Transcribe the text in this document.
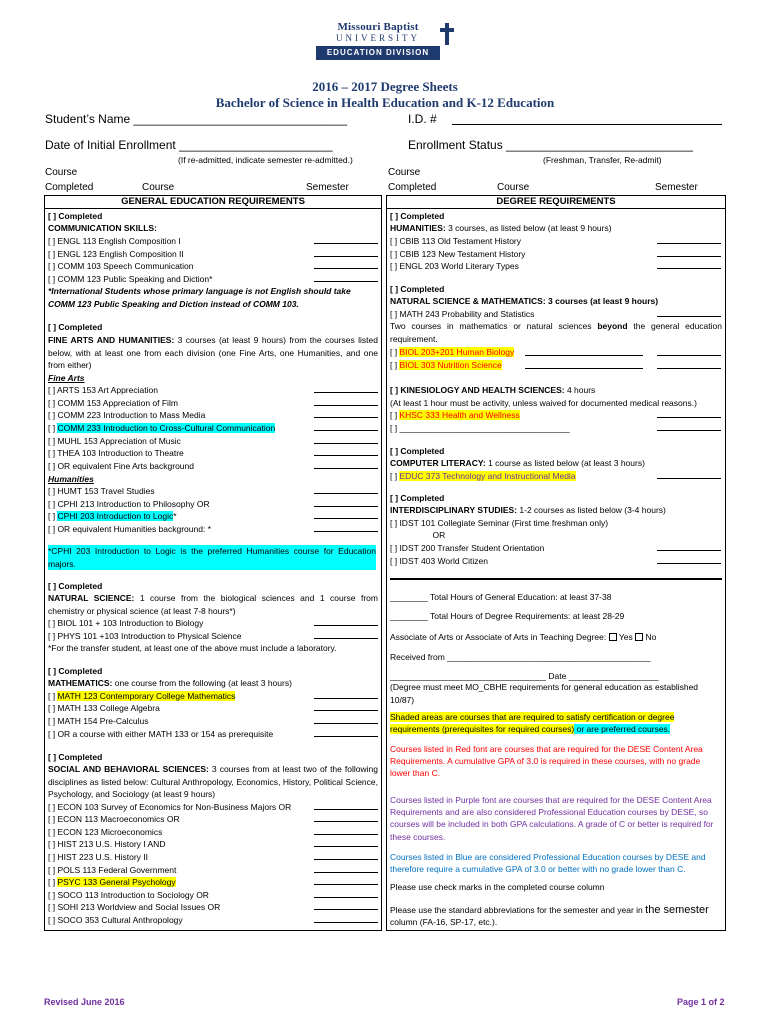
Missouri Baptist
UNIVERSITY
EDUCATION DIVISION
2016 – 2017 Degree Sheets
Bachelor of Science in Health Education and K-12 Education
Student’s Name ________________________________	I.D. #
Date of Initial Enrollment _______________________	Enrollment Status ____________________________
(If re-admitted, indicate semester re-admitted.)	(Freshman, Transfer, Re-admit)
Course
Completed	Course	Semester
Course
Completed	Course	Semester
GENERAL EDUCATION REQUIREMENTS
[ ] Completed
COMMUNICATION SKILLS:
[ ] ENGL 113 English Composition I
[ ] ENGL 123 English Composition II
[ ] COMM 103 Speech Communication
[ ] COMM 123 Public Speaking and Diction*
*International Students whose primary language is not English should take
COMM 123 Public Speaking and Diction instead of COMM 103.
[ ] Completed
FINE ARTS AND HUMANITIES: 3 courses (at least 9 hours) from the courses listed below, with at least one from each division (one Fine Arts, one Humanities, and one from either)
Fine Arts
[ ] ARTS 153 Art Appreciation
[ ] COMM 153 Appreciation of Film
[ ] COMM 223 Introduction to Mass Media
[ ] COMM 233 Introduction to Cross-Cultural Communication
[ ] MUHL 153 Appreciation of Music
[ ] THEA 103 Introduction to Theatre
[ ] OR equivalent Fine Arts background
Humanities
[ ] HUMT 153 Travel Studies
[ ] CPHI 213 Introduction to Philosophy OR
[ ] CPHI 203 Introduction to Logic*
[ ] OR equivalent Humanities background: *
*CPHI 203 Introduction to Logic is the preferred Humanities course for Education majors.
[ ] Completed
NATURAL SCIENCE: 1 course from the biological sciences and 1 course from chemistry or physical science (at least 7-8 hours*)
[ ] BIOL 101 + 103 Introduction to Biology
[ ] PHYS 101 +103 Introduction to Physical Science
*For the transfer student, at least one of the above must include a laboratory.
[ ] Completed
MATHEMATICS: one course from the following (at least 3 hours)
[ ] MATH 123 Contemporary College Mathematics
[ ] MATH 133 College Algebra
[ ] MATH 154 Pre-Calculus
[ ] OR a course with either MATH 133 or 154 as prerequisite
[ ] Completed
SOCIAL AND BEHAVIORAL SCIENCES: 3 courses from at least two of the following disciplines as listed below: Cultural Anthropology, Economics, History, Political Science, Psychology, and Sociology (at least 9 hours)
[ ] ECON 103 Survey of Economics for Non-Business Majors OR
[ ] ECON 113 Macroeconomics OR
[ ] ECON 123 Microeconomics
[ ] HIST 213 U.S. History I AND
[ ] HIST 223 U.S. History II
[ ] POLS 113 Federal Government
[ ] PSYC 133 General Psychology
[ ] SOCO 113 Introduction to Sociology OR
[ ] SOHI 213 Worldview and Social Issues OR
[ ] SOCO 353 Cultural Anthropology
DEGREE REQUIREMENTS
[ ] Completed
HUMANITIES: 3 courses, as listed below (at least 9 hours)
[ ] CBIB 113 Old Testament History
[ ] CBIB 123 New Testament History
[ ] ENGL 203 World Literary Types
[ ] Completed
NATURAL SCIENCE & MATHEMATICS: 3 courses (at least 9 hours)
[ ] MATH 243 Probability and Statistics
Two courses in mathematics or natural sciences beyond the general education requirement.
[ ] BIOL 203+201 Human Biology
[ ] BIOL 303 Nutrition Science
[ ] KINESIOLOGY AND HEALTH SCIENCES: 4 hours
(At least 1 hour must be activity, unless waived for documented medical reasons.)
[ ] KHSC 333 Health and Wellness
[ ] ____________________________________
[ ] Completed
COMPUTER LITERACY: 1 course as listed below (at least 3 hours)
[ ] EDUC 373 Technology and Instructional Media
[ ] Completed
INTERDISCIPLINARY STUDIES: 1-2 courses as listed below (3-4 hours)
[ ] IDST 101 Collegiate Seminar (First time freshman only)
OR
[ ] IDST 200 Transfer Student Orientation
[ ] IDST 403 World Citizen
________ Total Hours of General Education: at least 37-38
________ Total Hours of Degree Requirements: at least 28-29
Associate of Arts or Associate of Arts in Teaching Degree: Yes No
Received from ___________________________________________
_________________________________ Date ___________________
(Degree must meet MO_CBHE requirements for general education as established 10/87)
Shaded areas are courses that are required to satisfy certification or degree requirements (prerequisites for required courses) or are preferred courses.
Courses listed in Red font are courses that are required for the DESE Content Area Requirements. A cumulative GPA of 3.0 is required in these courses, with no grade lower than C.
Courses listed in Purple font are courses that are required for the DESE Content Area Requirements and are also considered Professional Education courses by DESE, so courses will be included in both GPA calculations. A grade of C or better is required for these courses.
Courses listed in Blue are considered Professional Education courses by DESE and therefore require a cumulative GPA of 3.0 or better with no grade lower than C.
Please use check marks in the completed course column
Please use the standard abbreviations for the semester and year in the semester
column (FA-16, SP-17, etc.).
Revised June 2016	Page 1 of 2
